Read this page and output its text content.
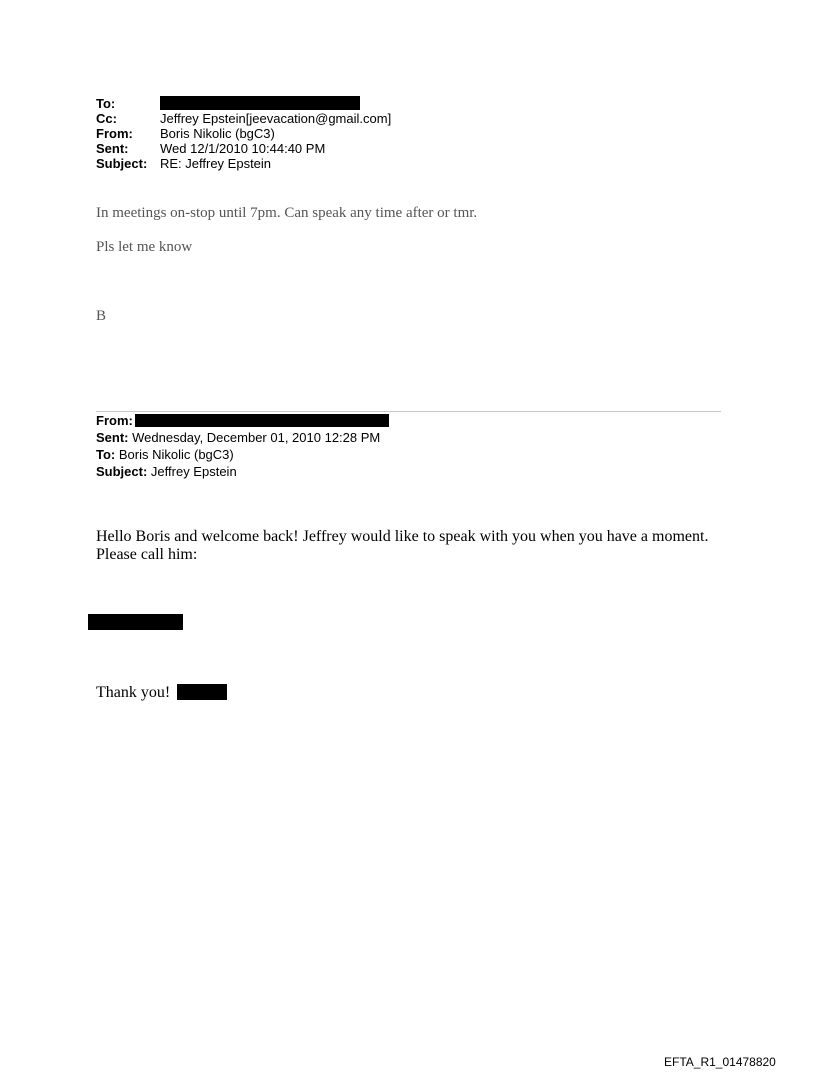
To:
Cc:	Jeffrey Epstein[jeevacation@gmail.com]
From:	Boris Nikolic (bgC3)
Sent:	Wed 12/1/2010 10:44:40 PM
Subject: RE: Jeffrey Epstein
In meetings on-stop until 7pm. Can speak any time after or tmr.
Pls let me know
B
From:
Sent: Wednesday, December 01, 2010 12:28 PM
To: Boris Nikolic (bgC3)
Subject: Jeffrey Epstein
Hello Boris and welcome back! Jeffrey would like to speak with you when you have a moment.
Please call him:
Thank you!
EFTA_R1_01478820
